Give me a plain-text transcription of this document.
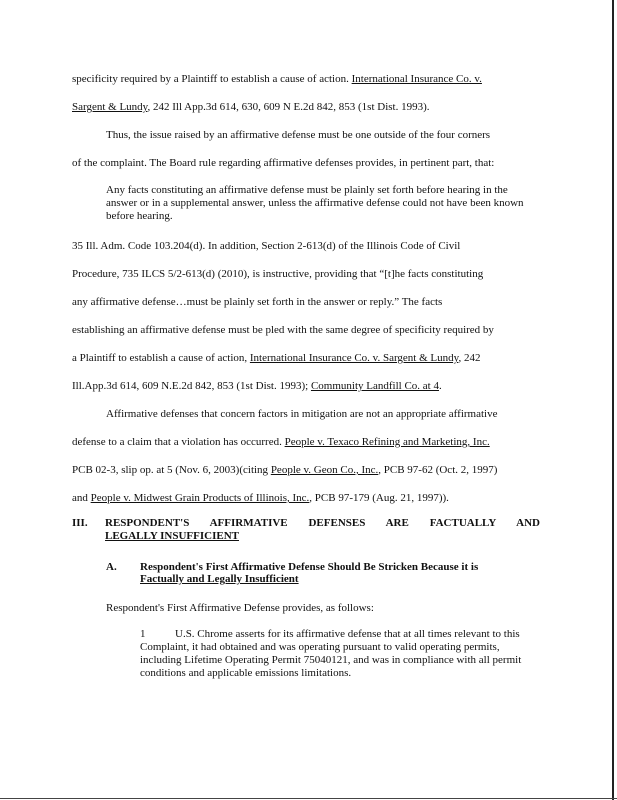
specificity required by a Plaintiff to establish a cause of action. International Insurance Co. v.
Sargent & Lundy, 242 Ill App.3d 614, 630, 609 N E.2d 842, 853 (1st Dist. 1993).
Thus, the issue raised by an affirmative defense must be one outside of the four corners
of the complaint. The Board rule regarding affirmative defenses provides, in pertinent part, that:
Any facts constituting an affirmative defense must be plainly set forth before hearing in the answer or in a supplemental answer, unless the affirmative defense could not have been known before hearing.
35 Ill. Adm. Code 103.204(d). In addition, Section 2-613(d) of the Illinois Code of Civil
Procedure, 735 ILCS 5/2-613(d) (2010), is instructive, providing that “[t]he facts constituting
any affirmative defense…must be plainly set forth in the answer or reply.” The facts
establishing an affirmative defense must be pled with the same degree of specificity required by
a Plaintiff to establish a cause of action, International Insurance Co. v. Sargent & Lundy, 242
Ill.App.3d 614, 609 N.E.2d 842, 853 (1st Dist. 1993); Community Landfill Co. at 4.
Affirmative defenses that concern factors in mitigation are not an appropriate affirmative
defense to a claim that a violation has occurred. People v. Texaco Refining and Marketing, Inc.
PCB 02-3, slip op. at 5 (Nov. 6, 2003)(citing People v. Geon Co., Inc., PCB 97-62 (Oct. 2, 1997)
and People v. Midwest Grain Products of Illinois, Inc., PCB 97-179 (Aug. 21, 1997)).
III. RESPONDENT'S AFFIRMATIVE DEFENSES ARE FACTUALLY AND
LEGALLY INSUFFICIENT
A. Respondent's First Affirmative Defense Should Be Stricken Because it is
Factually and Legally Insufficient
Respondent's First Affirmative Defense provides, as follows:
1	U.S. Chrome asserts for its affirmative defense that at all times relevant to this Complaint, it had obtained and was operating pursuant to valid operating permits, including Lifetime Operating Permit 75040121, and was in compliance with all permit conditions and applicable emissions limitations.
